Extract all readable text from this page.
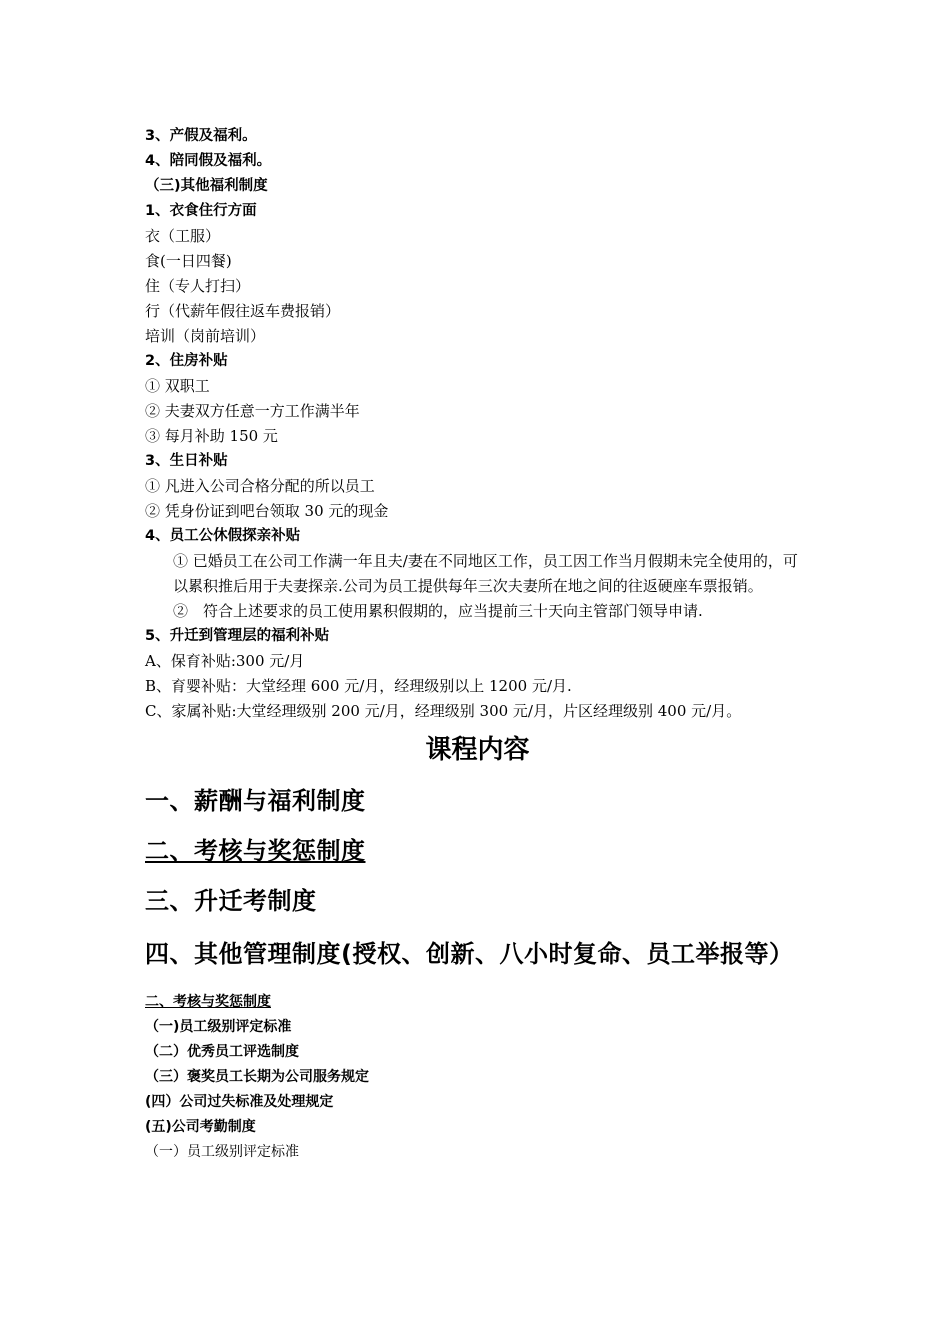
3、产假及福利。
4、陪同假及福利。
（三)其他福利制度
1、衣食住行方面
衣（工服）
食(一日四餐)
住（专人打扫）
行（代薪年假往返车费报销）
培训（岗前培训）
2、住房补贴
① 双职工
② 夫妻双方任意一方工作满半年
③ 每月补助 150 元
3、生日补贴
① 凡进入公司合格分配的所以员工
② 凭身份证到吧台领取 30 元的现金
4、员工公休假探亲补贴
① 已婚员工在公司工作满一年且夫/妻在不同地区工作，员工因工作当月假期未完全使用的，可以累积推后用于夫妻探亲.公司为员工提供每年三次夫妻所在地之间的往返硬座车票报销。
②　符合上述要求的员工使用累积假期的，应当提前三十天向主管部门领导申请.
5、升迁到管理层的福利补贴
A、保育补贴:300 元/月
B、育婴补贴：大堂经理 600 元/月，经理级别以上 1200 元/月.
C、家属补贴:大堂经理级别 200 元/月，经理级别 300 元/月，片区经理级别 400 元/月。
课程内容
一、薪酬与福利制度
二、考核与奖惩制度
三、升迁考制度
四、其他管理制度(授权、创新、八小时复命、员工举报等）
二、考核与奖惩制度
（一)员工级别评定标准
（二）优秀员工评选制度
（三）褒奖员工长期为公司服务规定
(四）公司过失标准及处理规定
(五)公司考勤制度
（一）员工级别评定标准
